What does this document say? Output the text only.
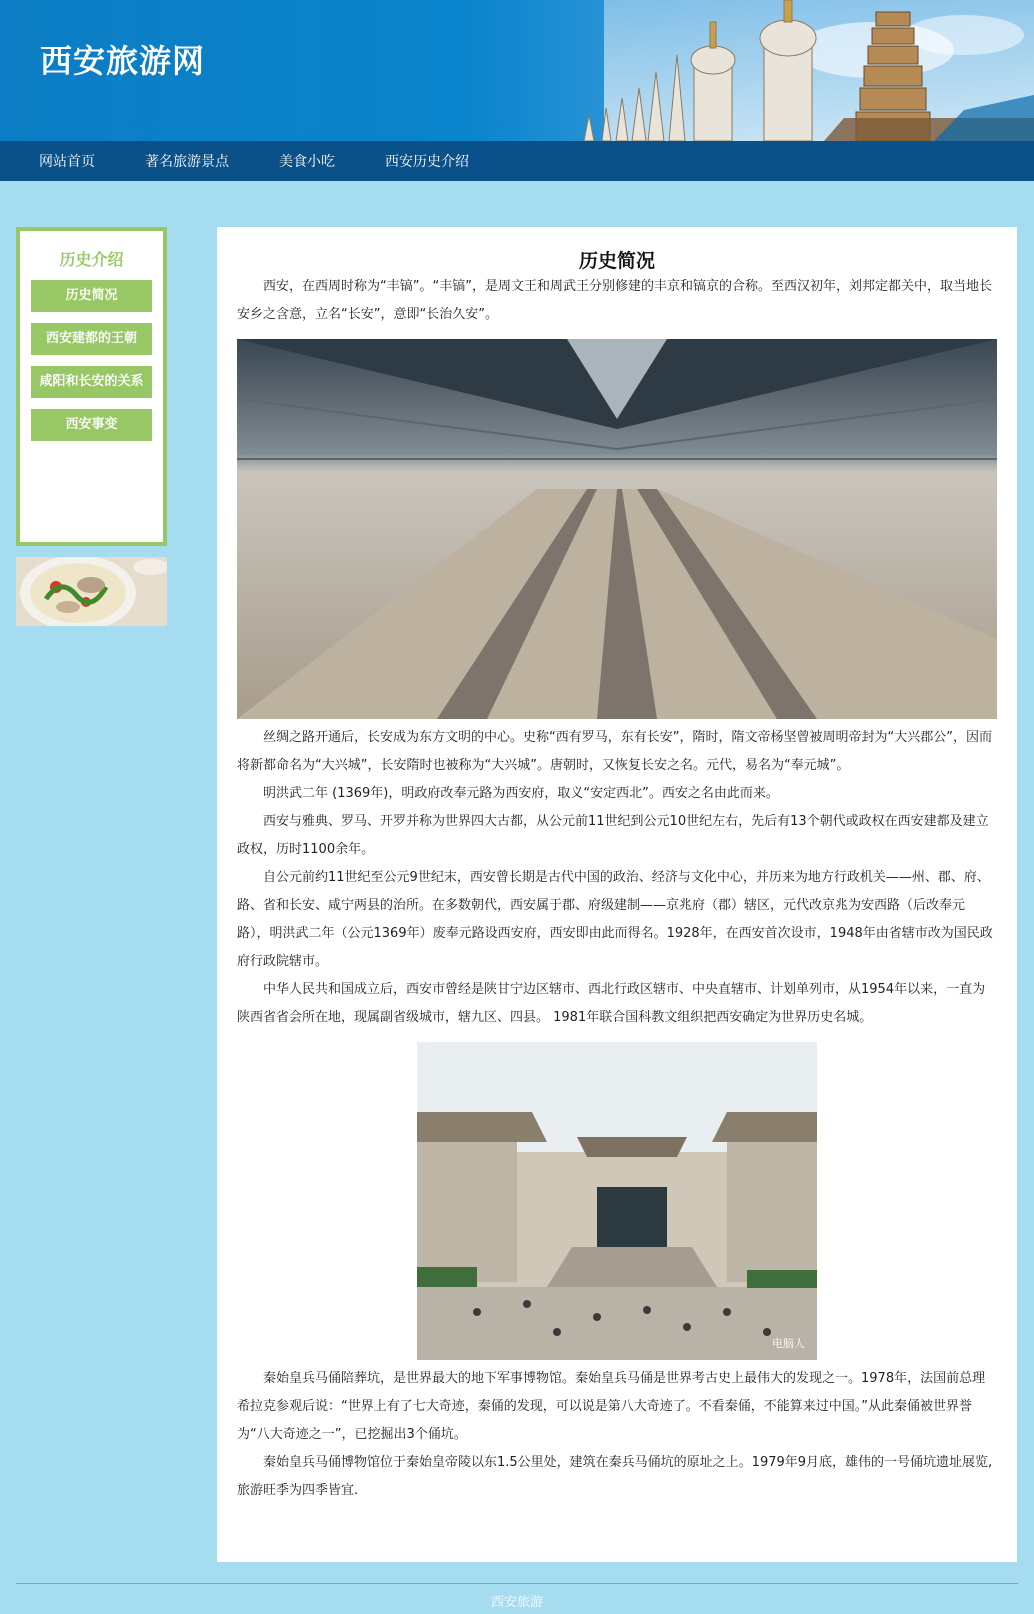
西安旅游网
网站首页	著名旅游景点	美食小吃	西安历史介绍
历史介绍
历史简况
西安建都的王朝
咸阳和长安的关系
西安事变
历史简况

西安，在西周时称为“丰镐”。“丰镐”，是周文王和周武王分别修建的丰京和镐京的合称。至西汉初年，刘邦定都关中，取当地长安乡之含意，立名“长安”，意即“长治久安”。

丝绸之路开通后，长安成为东方文明的中心。史称“西有罗马，东有长安”，隋时，隋文帝杨坚曾被周明帝封为“大兴郡公”，因而将新都命名为“大兴城”，长安隋时也被称为“大兴城”。唐朝时，又恢复长安之名。元代，易名为“奉元城”。

明洪武二年 (1369年)，明政府改奉元路为西安府，取义“安定西北”。西安之名由此而来。

西安与雅典、罗马、开罗并称为世界四大古都，从公元前11世纪到公元10世纪左右，先后有13个朝代或政权在西安建都及建立政权，历时1100余年。

自公元前约11世纪至公元9世纪末，西安曾长期是古代中国的政治、经济与文化中心，并历来为地方行政机关——州、郡、府、路、省和长安、咸宁两县的治所。在多数朝代，西安属于郡、府级建制——京兆府（郡）辖区，元代改京兆为安西路（后改奉元路），明洪武二年（公元1369年）废奉元路设西安府，西安即由此而得名。1928年，在西安首次设市，1948年由省辖市改为国民政府行政院辖市。

中华人民共和国成立后，西安市曾经是陕甘宁边区辖市、西北行政区辖市、中央直辖市、计划单列市，从1954年以来，一直为陕西省省会所在地，现属副省级城市，辖九区、四县。 1981年联合国科教文组织把西安确定为世界历史名城。

电脑人

秦始皇兵马俑陪葬坑，是世界最大的地下军事博物馆。秦始皇兵马俑是世界考古史上最伟大的发现之一。1978年，法国前总理希拉克参观后说：“世界上有了七大奇迹，秦俑的发现，可以说是第八大奇迹了。不看秦俑，不能算来过中国。”从此秦俑被世界誉为“八大奇迹之一”，已挖掘出3个俑坑。

秦始皇兵马俑博物馆位于秦始皇帝陵以东1.5公里处，建筑在秦兵马俑坑的原址之上。1979年9月底，雄伟的一号俑坑遗址展览,旅游旺季为四季皆宜.

西安旅游
